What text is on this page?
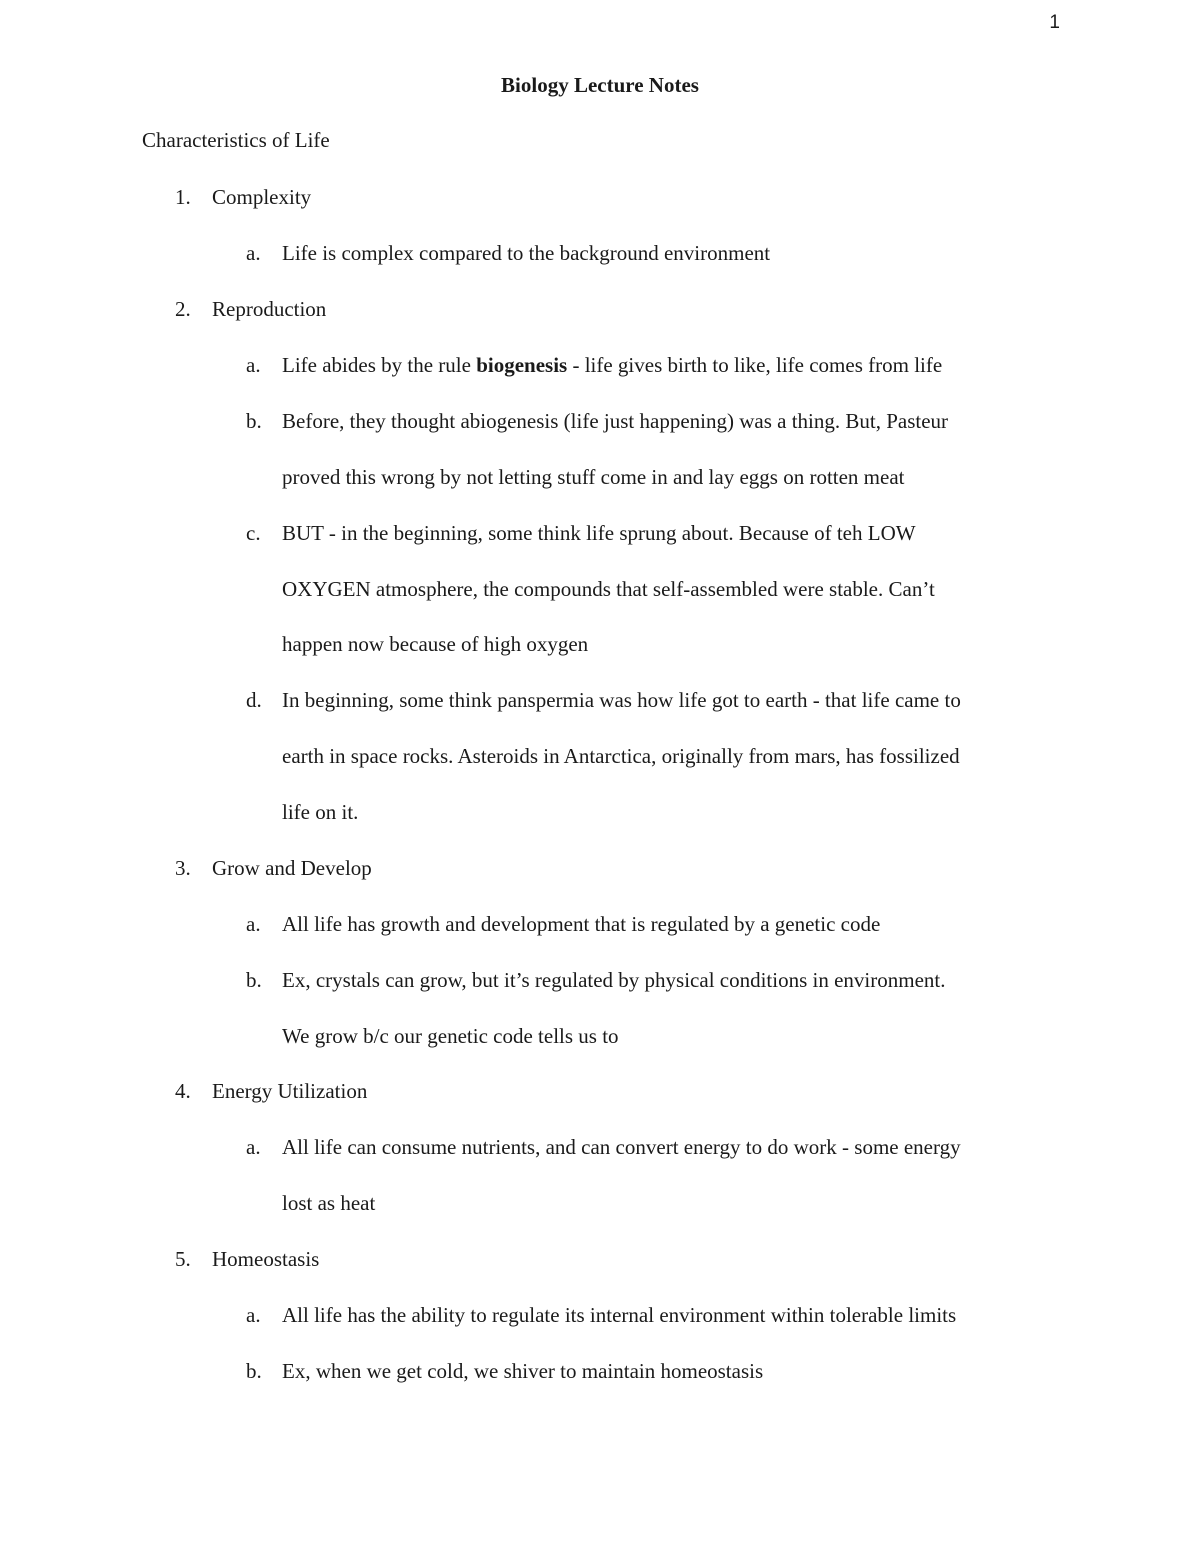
1
Biology Lecture Notes
Characteristics of Life
1. Complexity
a. Life is complex compared to the background environment
2. Reproduction
a. Life abides by the rule biogenesis - life gives birth to like, life comes from life
b. Before, they thought abiogenesis (life just happening) was a thing. But, Pasteur
proved this wrong by not letting stuff come in and lay eggs on rotten meat
c. BUT - in the beginning, some think life sprung about. Because of teh LOW
OXYGEN atmosphere, the compounds that self-assembled were stable. Can’t
happen now because of high oxygen
d. In beginning, some think panspermia was how life got to earth - that life came to
earth in space rocks. Asteroids in Antarctica, originally from mars, has fossilized
life on it.
3. Grow and Develop
a. All life has growth and development that is regulated by a genetic code
b. Ex, crystals can grow, but it’s regulated by physical conditions in environment.
We grow b/c our genetic code tells us to
4. Energy Utilization
a. All life can consume nutrients, and can convert energy to do work - some energy
lost as heat
5. Homeostasis
a. All life has the ability to regulate its internal environment within tolerable limits
b. Ex, when we get cold, we shiver to maintain homeostasis
